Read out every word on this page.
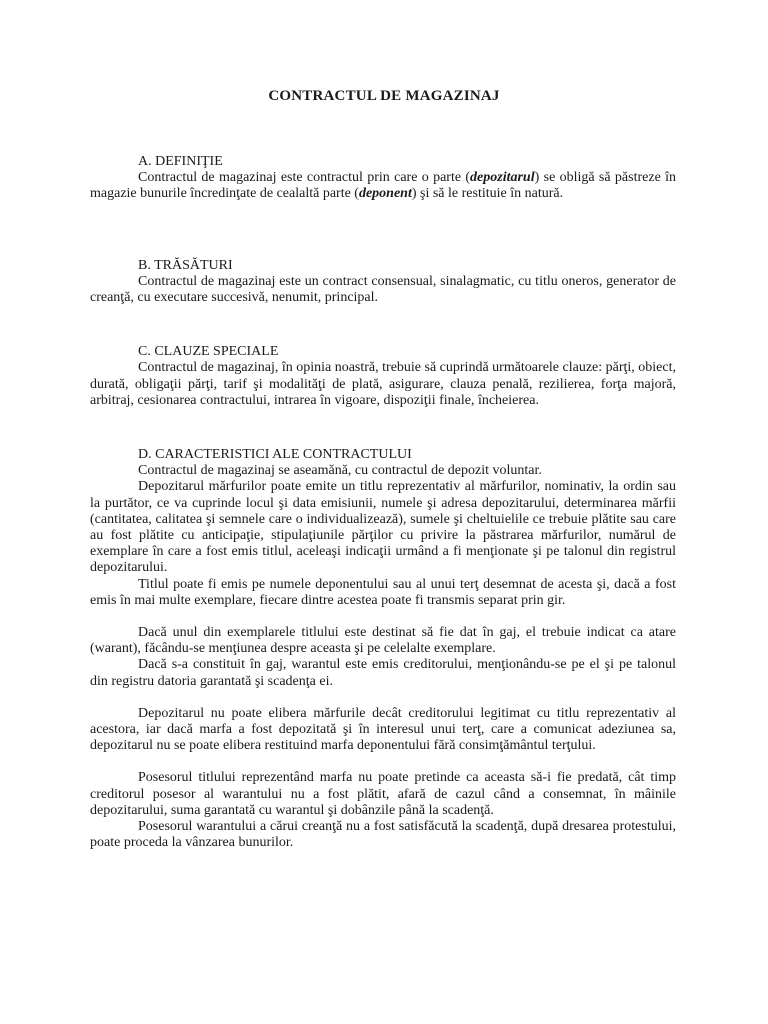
CONTRACTUL DE MAGAZINAJ

A. DEFINIŢIE

Contractul de magazinaj este contractul prin care o parte (depozitarul) se obligă să păstreze în magazie bunurile încredinţate de cealaltă parte (deponent) şi să le restituie în natură.

B. TRĂSĂTURI

Contractul de magazinaj este un contract consensual, sinalagmatic, cu titlu oneros, generator de creanţă, cu executare succesivă, nenumit, principal.

C. CLAUZE SPECIALE

Contractul de magazinaj, în opinia noastră, trebuie să cuprindă următoarele clauze: părţi, obiect, durată, obligaţii părţi, tarif şi modalităţi de plată, asigurare, clauza penală, rezilierea, forţa majoră, arbitraj, cesionarea contractului, intrarea în vigoare, dispoziţii finale, încheierea.

D. CARACTERISTICI ALE CONTRACTULUI

Contractul de magazinaj se aseamănă, cu contractul de depozit voluntar.

Depozitarul mărfurilor poate emite un titlu reprezentativ al mărfurilor, nominativ, la ordin sau la purtător, ce va cuprinde locul şi data emisiunii, numele şi adresa depozitarului, determinarea mărfii (cantitatea, calitatea şi semnele care o individualizează), sumele şi cheltuielile ce trebuie plătite sau care au fost plătite cu anticipaţie, stipulaţiunile părţilor cu privire la păstrarea mărfurilor, numărul de exemplare în care a fost emis titlul, aceleaşi indicaţii urmând a fi menţionate şi pe talonul din registrul depozitarului.

Titlul poate fi emis pe numele deponentului sau al unui terţ desemnat de acesta şi, dacă a fost emis în mai multe exemplare, fiecare dintre acestea poate fi transmis separat prin gir.

Dacă unul din exemplarele titlului este destinat să fie dat în gaj, el trebuie indicat ca atare (warant), făcându-se menţiunea despre aceasta şi pe celelalte exemplare.

Dacă s-a constituit în gaj, warantul este emis creditorului, menţionându-se pe el şi pe talonul din registru datoria garantată şi scadenţa ei.

Depozitarul nu poate elibera mărfurile decât creditorului legitimat cu titlu reprezentativ al acestora, iar dacă marfa a fost depozitată şi în interesul unui terţ, care a comunicat adeziunea sa, depozitarul nu se poate elibera restituind marfa deponentului fără consimţământul terţului.

Posesorul titlului reprezentând marfa nu poate pretinde ca aceasta să-i fie predată, cât timp creditorul posesor al warantului nu a fost plătit, afară de cazul când a consemnat, în mâinile depozitarului, suma garantată cu warantul şi dobânzile până la scadenţă.

Posesorul warantului a cărui creanţă nu a fost satisfăcută la scadenţă, după dresarea protestului, poate proceda la vânzarea bunurilor.
